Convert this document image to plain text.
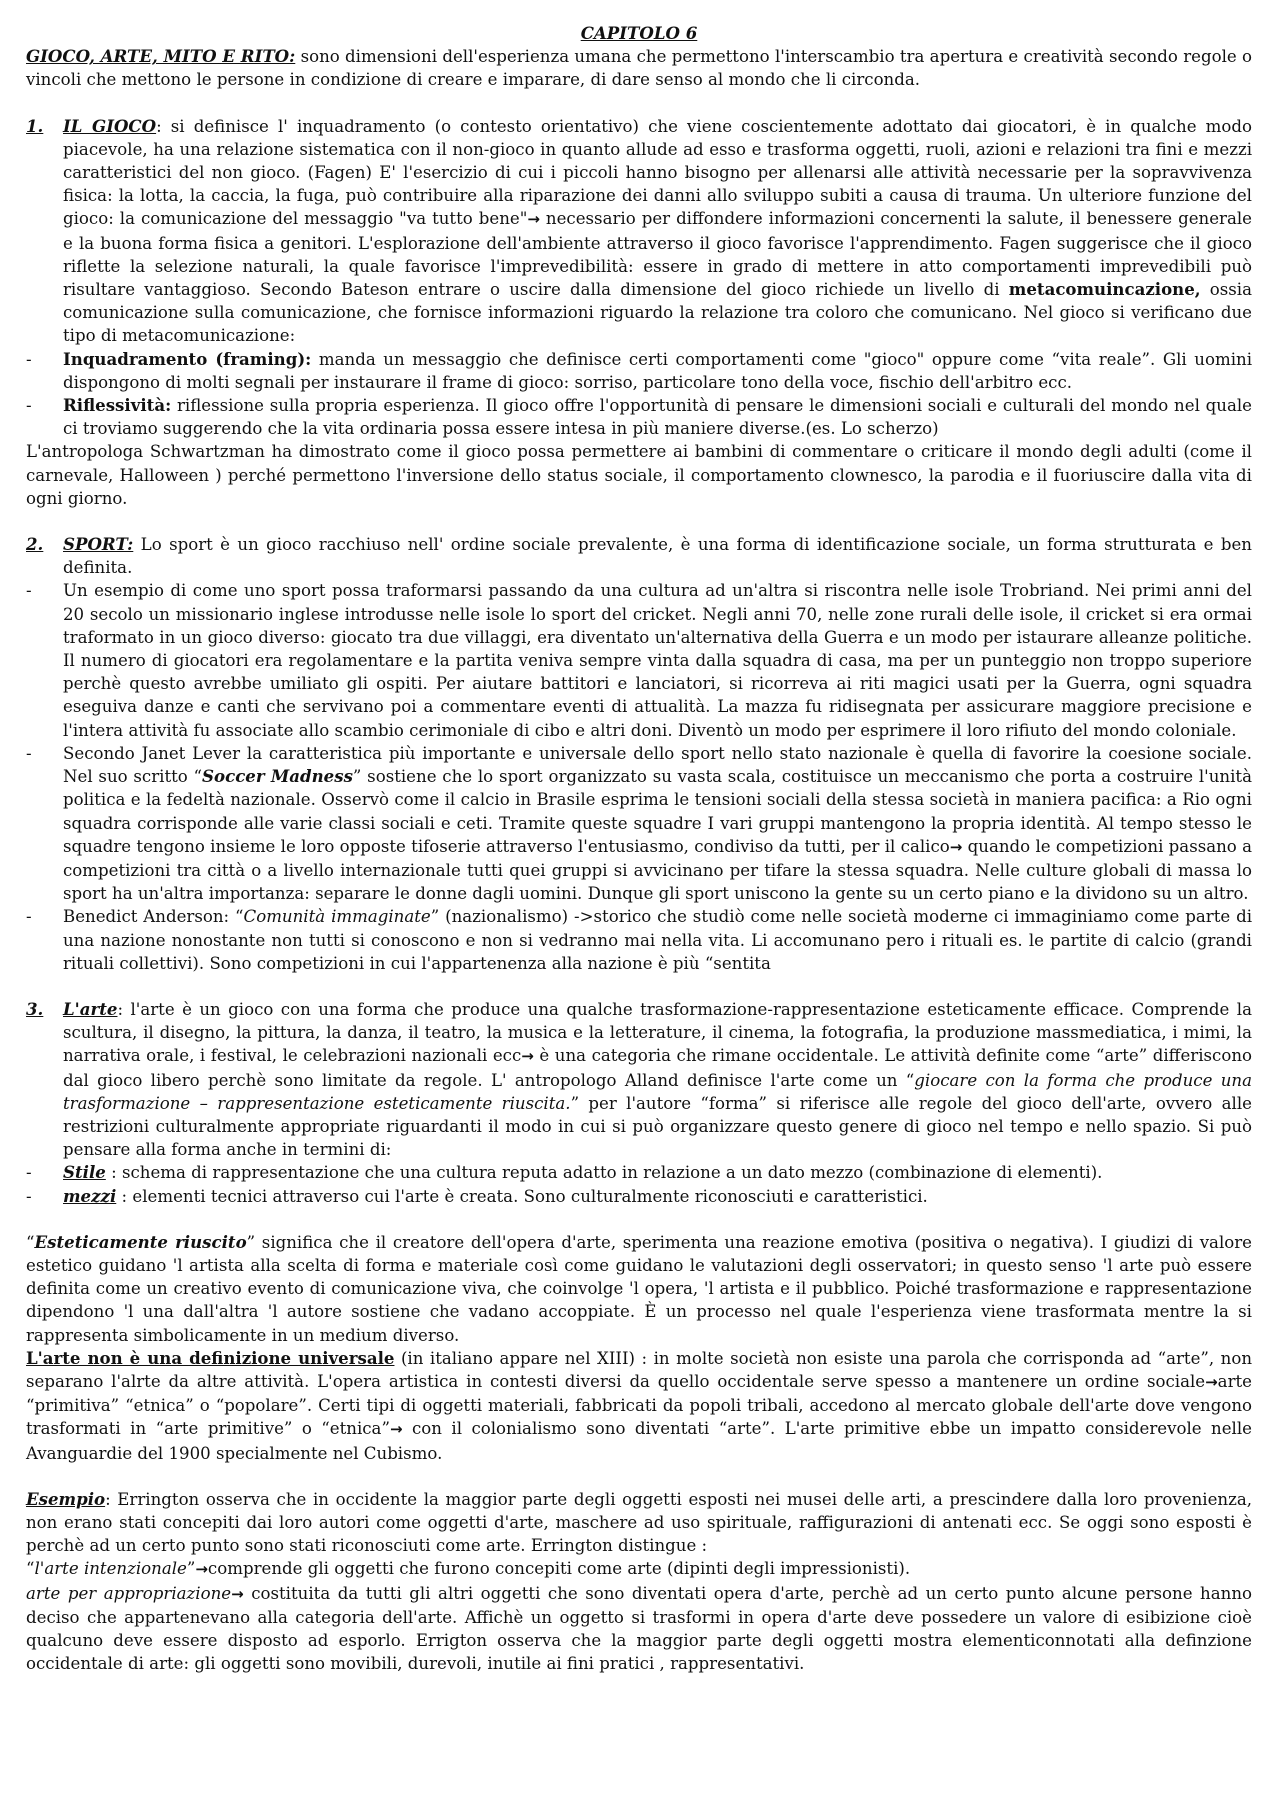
CAPITOLO 6

GIOCO, ARTE, MITO E RITO: sono dimensioni dell'esperienza umana che permettono l'interscambio tra apertura e creatività secondo regole o vincoli che mettono le persone in condizione di creare e imparare, di dare senso al mondo che li circonda.

1.	IL GIOCO: si definisce l' inquadramento (o contesto orientativo) che viene coscientemente adottato dai giocatori, è in qualche modo piacevole, ha una relazione sistematica con il non-gioco in quanto allude ad esso e trasforma oggetti, ruoli, azioni e relazioni tra fini e mezzi caratteristici del non gioco. (Fagen) E' l'esercizio di cui i piccoli hanno bisogno per allenarsi alle attività necessarie per la sopravvivenza fisica: la lotta, la caccia, la fuga, può contribuire alla riparazione dei danni allo sviluppo subiti a causa di trauma. Un ulteriore funzione del gioco: la comunicazione del messaggio "va tutto bene"→ necessario per diffondere informazioni concernenti la salute, il benessere generale e la buona forma fisica a genitori. L'esplorazione dell'ambiente attraverso il gioco favorisce l'apprendimento. Fagen suggerisce che il gioco riflette la selezione naturali, la quale favorisce l'imprevedibilità: essere in grado di mettere in atto comportamenti imprevedibili può risultare vantaggioso. Secondo Bateson entrare o uscire dalla dimensione del gioco richiede un livello di metacomuincazione, ossia comunicazione sulla comunicazione, che fornisce informazioni riguardo la relazione tra coloro che comunicano. Nel gioco si verificano due tipo di metacomunicazione:

-	Inquadramento (framing): manda un messaggio che definisce certi comportamenti come "gioco" oppure come “vita reale”. Gli uomini dispongono di molti segnali per instaurare il frame di gioco: sorriso, particolare tono della voce, fischio dell'arbitro ecc.
-	Riflessività: riflessione sulla propria esperienza. Il gioco offre l'opportunità di pensare le dimensioni sociali e culturali del mondo nel quale ci troviamo suggerendo che la vita ordinaria possa essere intesa in più maniere diverse.(es. Lo scherzo)

L'antropologa Schwartzman ha dimostrato come il gioco possa permettere ai bambini di commentare o criticare il mondo degli adulti (come il carnevale, Halloween ) perché permettono l'inversione dello status sociale, il comportamento clownesco, la parodia e il fuoriuscire dalla vita di ogni giorno.

2.	SPORT: Lo sport è un gioco racchiuso nell' ordine sociale prevalente, è una forma di identificazione sociale, un forma strutturata e ben definita.
-	Un esempio di come uno sport possa traformarsi passando da una cultura ad un'altra si riscontra nelle isole Trobriand. Nei primi anni del 20 secolo un missionario inglese introdusse nelle isole lo sport del cricket. Negli anni 70, nelle zone rurali delle isole, il cricket si era ormai traformato in un gioco diverso: giocato tra due villaggi, era diventato un'alternativa della Guerra e un modo per istaurare alleanze politiche. Il numero di giocatori era regolamentare e la partita veniva sempre vinta dalla squadra di casa, ma per un punteggio non troppo superiore perchè questo avrebbe umiliato gli ospiti. Per aiutare battitori e lanciatori, si ricorreva ai riti magici usati per la Guerra, ogni squadra eseguiva danze e canti che servivano poi a commentare eventi di attualità. La mazza fu ridisegnata per assicurare maggiore precisione e l'intera attività fu associate allo scambio cerimoniale di cibo e altri doni. Diventò un modo per esprimere il loro rifiuto del mondo coloniale.
-	Secondo Janet Lever la caratteristica più importante e universale dello sport nello stato nazionale è quella di favorire la coesione sociale. Nel suo scritto “Soccer Madness” sostiene che lo sport organizzato su vasta scala, costituisce un meccanismo che porta a costruire l'unità politica e la fedeltà nazionale. Osservò come il calcio in Brasile esprima le tensioni sociali della stessa società in maniera pacifica: a Rio ogni squadra corrisponde alle varie classi sociali e ceti. Tramite queste squadre I vari gruppi mantengono la propria identità. Al tempo stesso le squadre tengono insieme le loro opposte tifoserie attraverso l'entusiasmo, condiviso da tutti, per il calico→ quando le competizioni passano a competizioni tra città o a livello internazionale tutti quei gruppi si avvicinano per tifare la stessa squadra. Nelle culture globali di massa lo sport ha un'altra importanza: separare le donne dagli uomini. Dunque gli sport uniscono la gente su un certo piano e la dividono su un altro.
-	Benedict Anderson: “Comunità immaginate” (nazionalismo) ->storico che studiò come nelle società moderne ci immaginiamo come parte di una nazione nonostante non tutti si conoscono e non si vedranno mai nella vita. Li accomunano pero i rituali es. le partite di calcio (grandi rituali collettivi). Sono competizioni in cui l'appartenenza alla nazione è più “sentita
3.	L'arte: l'arte è un gioco con una forma che produce una qualche trasformazione-rappresentazione esteticamente efficace. Comprende la scultura, il disegno, la pittura, la danza, il teatro, la musica e la letterature, il cinema, la fotografia, la produzione massmediatica, i mimi, la narrativa orale, i festival, le celebrazioni nazionali ecc→ è una categoria che rimane occidentale. Le attività definite come “arte” differiscono dal gioco libero perchè sono limitate da regole. L' antropologo Alland definisce l'arte come un “giocare con la forma che produce una trasformazione – rappresentazione esteticamente riuscita.” per l'autore “forma” si riferisce alle regole del gioco dell'arte, ovvero alle restrizioni culturalmente appropriate riguardanti il modo in cui si può organizzare questo genere di gioco nel tempo e nello spazio. Si può pensare alla forma anche in termini di:

-	Stile : schema di rappresentazione che una cultura reputa adatto in relazione a un dato mezzo (combinazione di elementi).
-	mezzi : elementi tecnici attraverso cui l'arte è creata. Sono culturalmente riconosciuti e caratteristici.

“Esteticamente riuscito” significa che il creatore dell'opera d'arte, sperimenta una reazione emotiva (positiva o negativa). I giudizi di valore estetico guidano 'l artista alla scelta di forma e materiale così come guidano le valutazioni degli osservatori; in questo senso 'l arte può essere definita come un creativo evento di comunicazione viva, che coinvolge 'l opera, 'l artista e il pubblico. Poiché trasformazione e rappresentazione dipendono 'l una dall'altra 'l autore sostiene che vadano accoppiate. È un processo nel quale l'esperienza viene trasformata mentre la si rappresenta simbolicamente in un medium diverso.

L'arte non è una definizione universale (in italiano appare nel XIII) : in molte società non esiste una parola che corrisponda ad “arte”, non separano l'alrte da altre attività. L'opera artistica in contesti diversi da quello occidentale serve spesso a mantenere un ordine sociale→arte “primitiva” “etnica” o “popolare”. Certi tipi di oggetti materiali, fabbricati da popoli tribali, accedono al mercato globale dell'arte dove vengono trasformati in “arte primitive” o “etnica”→ con il colonialismo sono diventati “arte”. L'arte primitive ebbe un impatto considerevole nelle Avanguardie del 1900 specialmente nel Cubismo.

Esempio: Errington osserva che in occidente la maggior parte degli oggetti esposti nei musei delle arti, a prescindere dalla loro provenienza, non erano stati concepiti dai loro autori come oggetti d'arte, maschere ad uso spirituale, raffigurazioni di antenati ecc. Se oggi sono esposti è perchè ad un certo punto sono stati riconosciuti come arte. Errington distingue :

“l'arte intenzionale”→comprende gli oggetti che furono concepiti come arte (dipinti degli impressionisti).

arte per appropriazione→ costituita da tutti gli altri oggetti che sono diventati opera d'arte, perchè ad un certo punto alcune persone hanno deciso che appartenevano alla categoria dell'arte. Affichè un oggetto si trasformi in opera d'arte deve possedere un valore di esibizione cioè qualcuno deve essere disposto ad esporlo. Errigton osserva che la maggior parte degli oggetti mostra elementiconnotati alla definzione occidentale di arte: gli oggetti sono movibili, durevoli, inutile ai fini pratici , rappresentativi.
